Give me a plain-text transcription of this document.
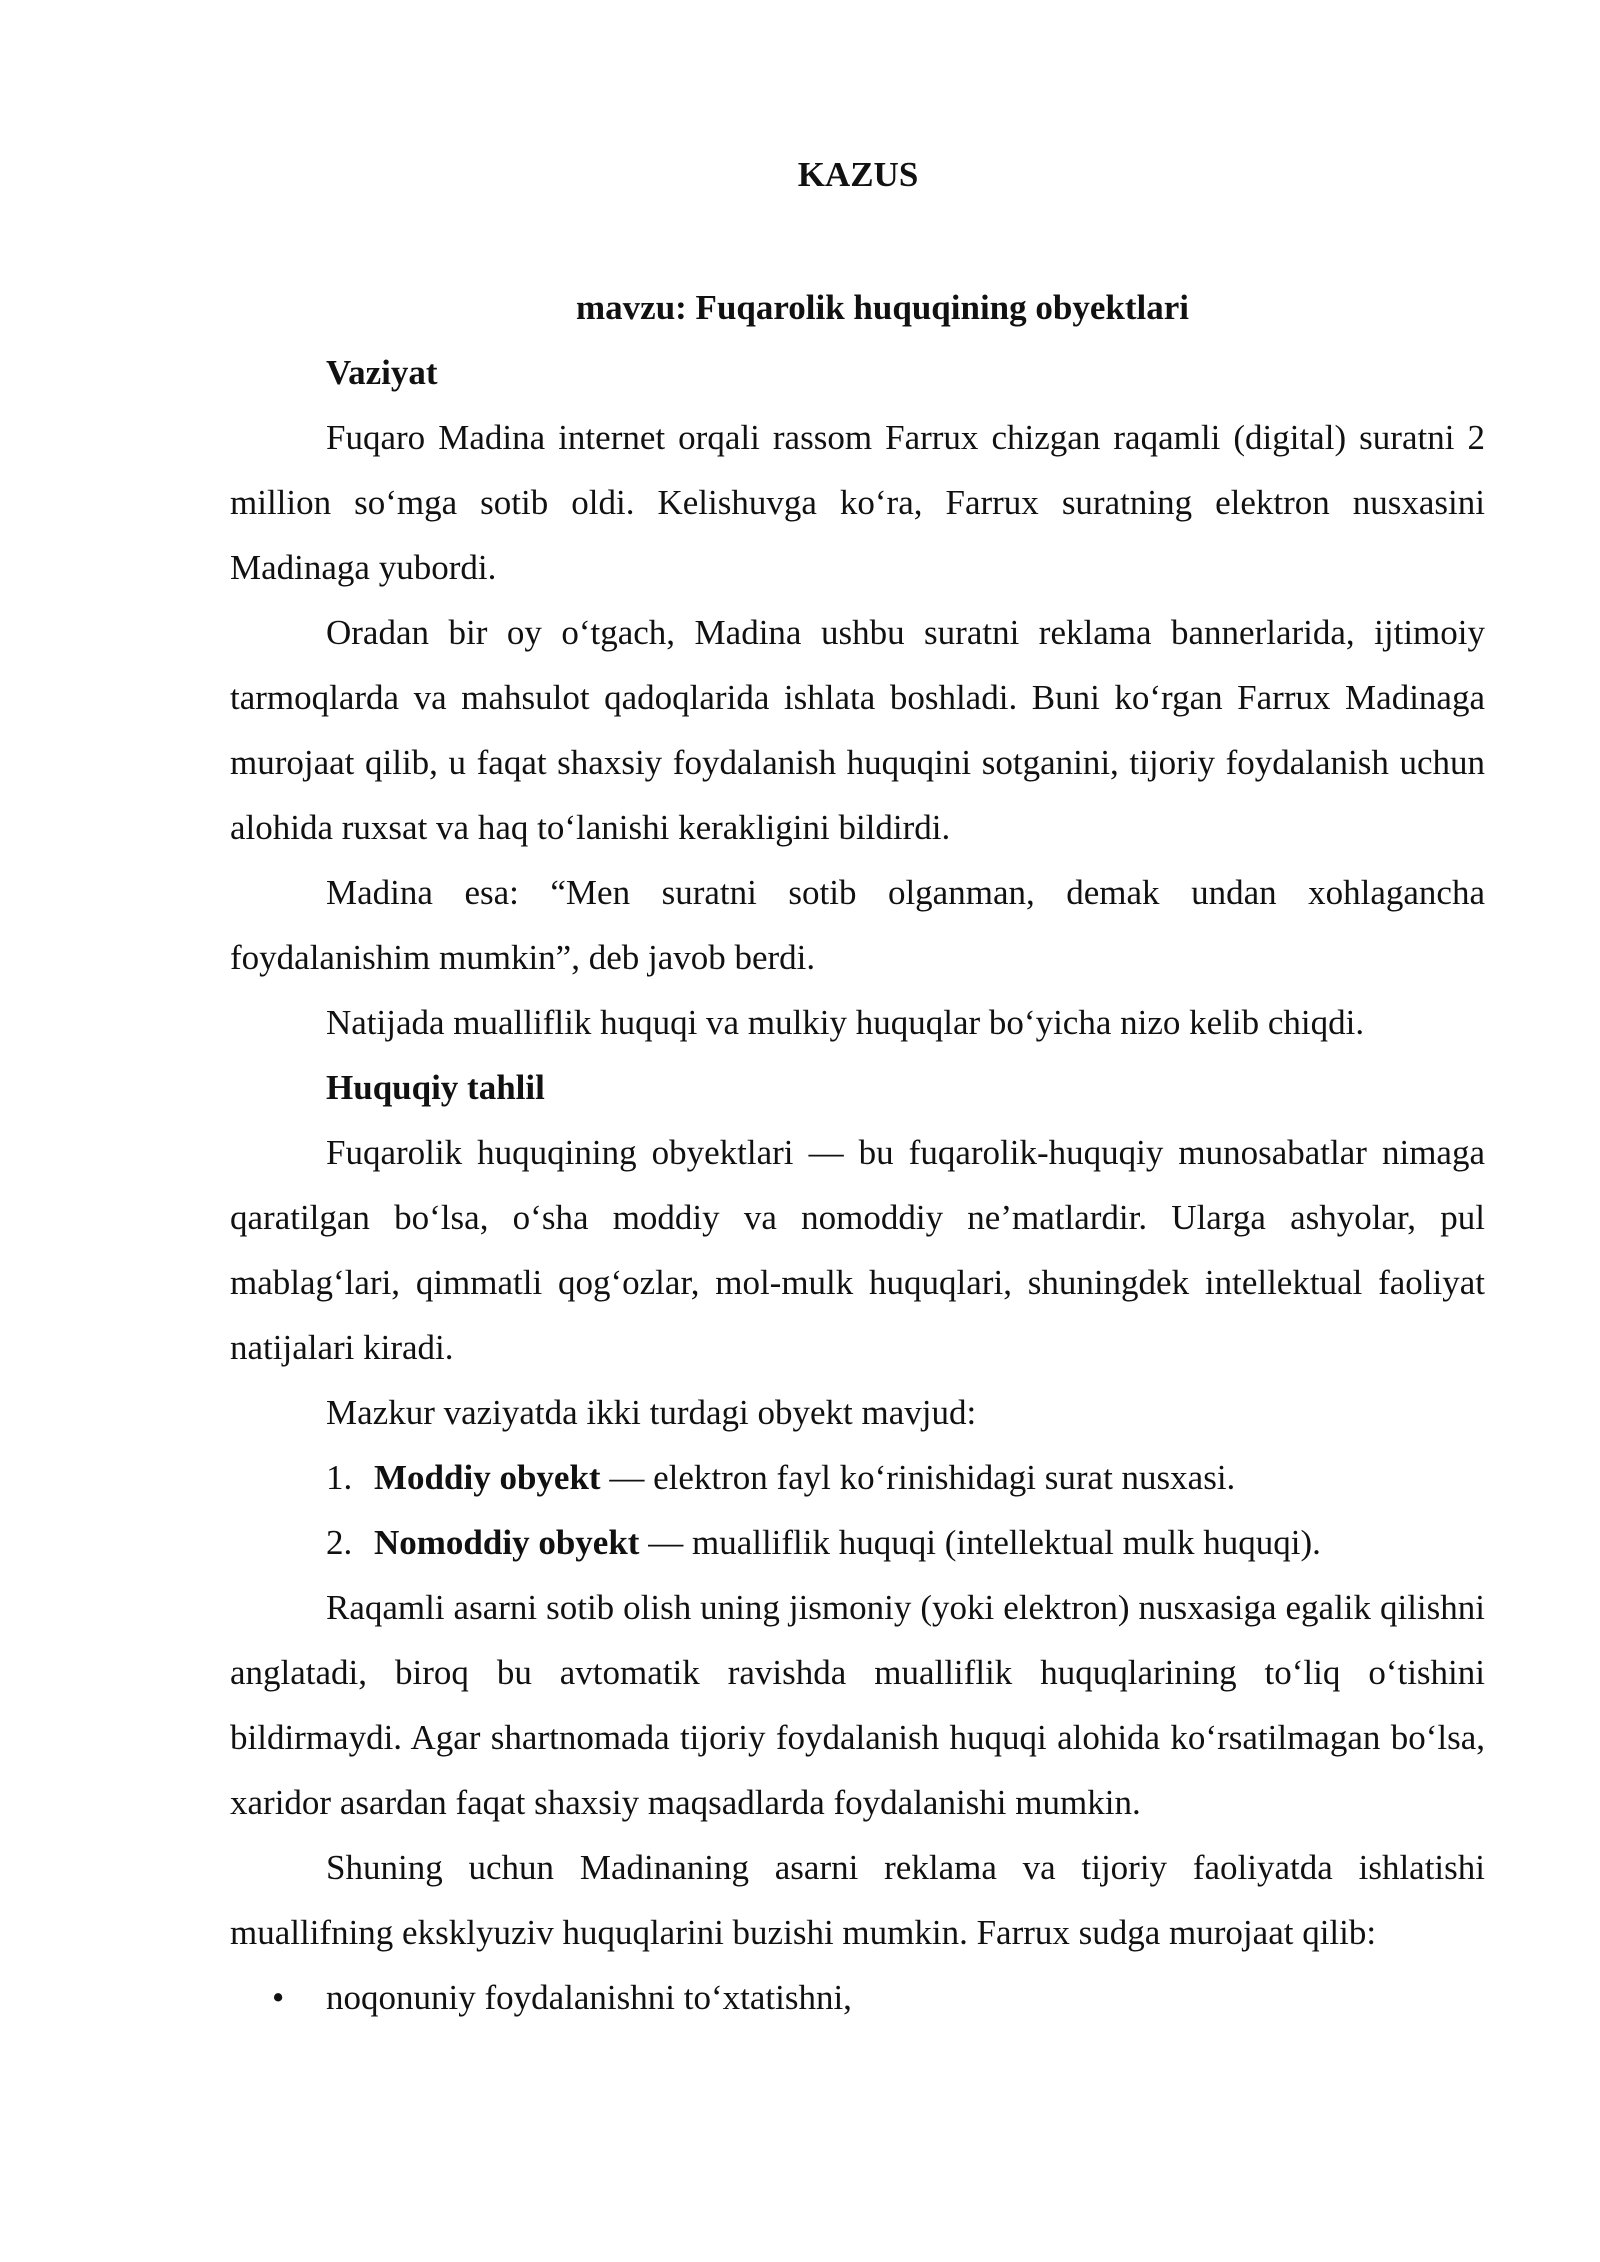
KAZUS
mavzu: Fuqarolik huquqining obyektlari
Vaziyat

Fuqaro Madina internet orqali rassom Farrux chizgan raqamli (digital) suratni 2 million so‘mga sotib oldi. Kelishuvga ko‘ra, Farrux suratning elektron nusxasini Madinaga yubordi.

Oradan bir oy o‘tgach, Madina ushbu suratni reklama bannerlarida, ijtimoiy tarmoqlarda va mahsulot qadoqlarida ishlata boshladi. Buni ko‘rgan Farrux Madinaga murojaat qilib, u faqat shaxsiy foydalanish huquqini sotganini, tijoriy foydalanish uchun alohida ruxsat va haq to‘lanishi kerakligini bildirdi.

Madina esa: “Men suratni sotib olganman, demak undan xohlagancha foydalanishim mumkin”, deb javob berdi.

Natijada mualliflik huquqi va mulkiy huquqlar bo‘yicha nizo kelib chiqdi.

Huquqiy tahlil

Fuqarolik huquqining obyektlari — bu fuqarolik-huquqiy munosabatlar nimaga qaratilgan bo‘lsa, o‘sha moddiy va nomoddiy ne’matlardir. Ularga ashyolar, pul mablag‘lari, qimmatli qog‘ozlar, mol-mulk huquqlari, shuningdek intellektual faoliyat natijalari kiradi.

Mazkur vaziyatda ikki turdagi obyekt mavjud:

1. Moddiy obyekt — elektron fayl ko‘rinishidagi surat nusxasi.
2. Nomoddiy obyekt — mualliflik huquqi (intellektual mulk huquqi).

Raqamli asarni sotib olish uning jismoniy (yoki elektron) nusxasiga egalik qilishni anglatadi, biroq bu avtomatik ravishda mualliflik huquqlarining to‘liq o‘tishini bildirmaydi. Agar shartnomada tijoriy foydalanish huquqi alohida ko‘rsatilmagan bo‘lsa, xaridor asardan faqat shaxsiy maqsadlarda foydalanishi mumkin.

Shuning uchun Madinaning asarni reklama va tijoriy faoliyatda ishlatishi muallifning eksklyuziv huquqlarini buzishi mumkin. Farrux sudga murojaat qilib:

•	noqonuniy foydalanishni to‘xtatishni,
